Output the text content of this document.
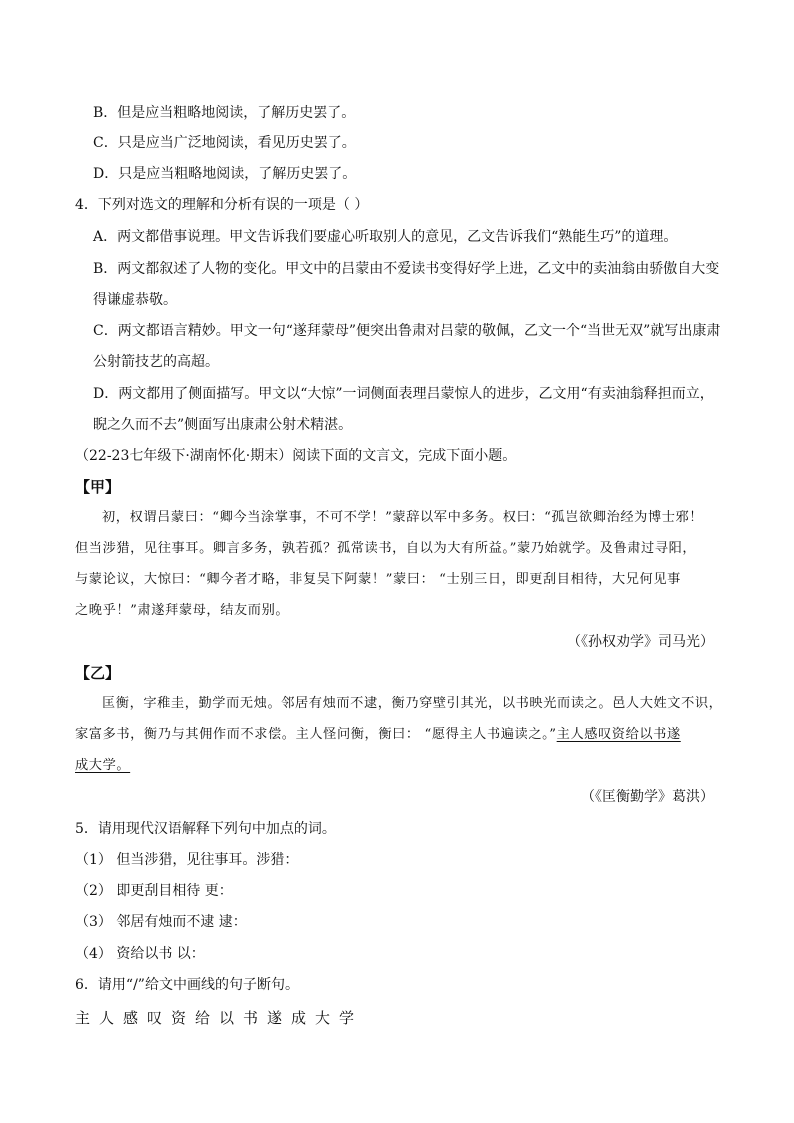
B．但是应当粗略地阅读，了解历史罢了。
C．只是应当广泛地阅读，看见历史罢了。
D．只是应当粗略地阅读，了解历史罢了。
4．下列对选文的理解和分析有误的一项是（ ）
A．两文都借事说理。甲文告诉我们要虚心听取别人的意见，乙文告诉我们“熟能生巧”的道理。
B．两文都叙述了人物的变化。甲文中的吕蒙由不爱读书变得好学上进，乙文中的卖油翁由骄傲自大变
得谦虚恭敬。
C．两文都语言精妙。甲文一句“遂拜蒙母”便突出鲁肃对吕蒙的敬佩，乙文一个“当世无双”就写出康肃
公射箭技艺的高超。
D．两文都用了侧面描写。甲文以“大惊”一词侧面表理吕蒙惊人的进步，乙文用“有卖油翁释担而立，
睨之久而不去”侧面写出康肃公射术精湛。
（22-23七年级下·湖南怀化·期末）阅读下面的文言文，完成下面小题。
【甲】
初，权谓吕蒙曰：“卿今当涂掌事，不可不学！”蒙辞以军中多务。权曰：“孤岂欲卿治经为博士邪！
但当涉猎，见往事耳。卿言多务，孰若孤？孤常读书，自以为大有所益。”蒙乃始就学。及鲁肃过寻阳，
与蒙论议，大惊曰：“卿今者才略，非复吴下阿蒙！”蒙曰： “士别三日，即更刮目相待，大兄何见事
之晚乎！”肃遂拜蒙母，结友而别。
（《孙权劝学》司马光）
【乙】
匡衡，字稚圭，勤学而无烛。邻居有烛而不逮，衡乃穿壁引其光，以书映光而读之。邑人大姓文不识，
家富多书，衡乃与其佣作而不求偿。主人怪问衡，衡曰： “愿得主人书遍读之。”主人感叹资给以书遂
成大学。
（《匡衡勤学》葛洪）
5．请用现代汉语解释下列句中加点的词。
（1） 但当涉猎，见往事耳。涉猎：
（2） 即更刮目相待 更：
（3） 邻居有烛而不逮 逮：
（4） 资给以书 以：
6．请用“/”给文中画线的句子断句。
主人感叹资给以书遂成大学
